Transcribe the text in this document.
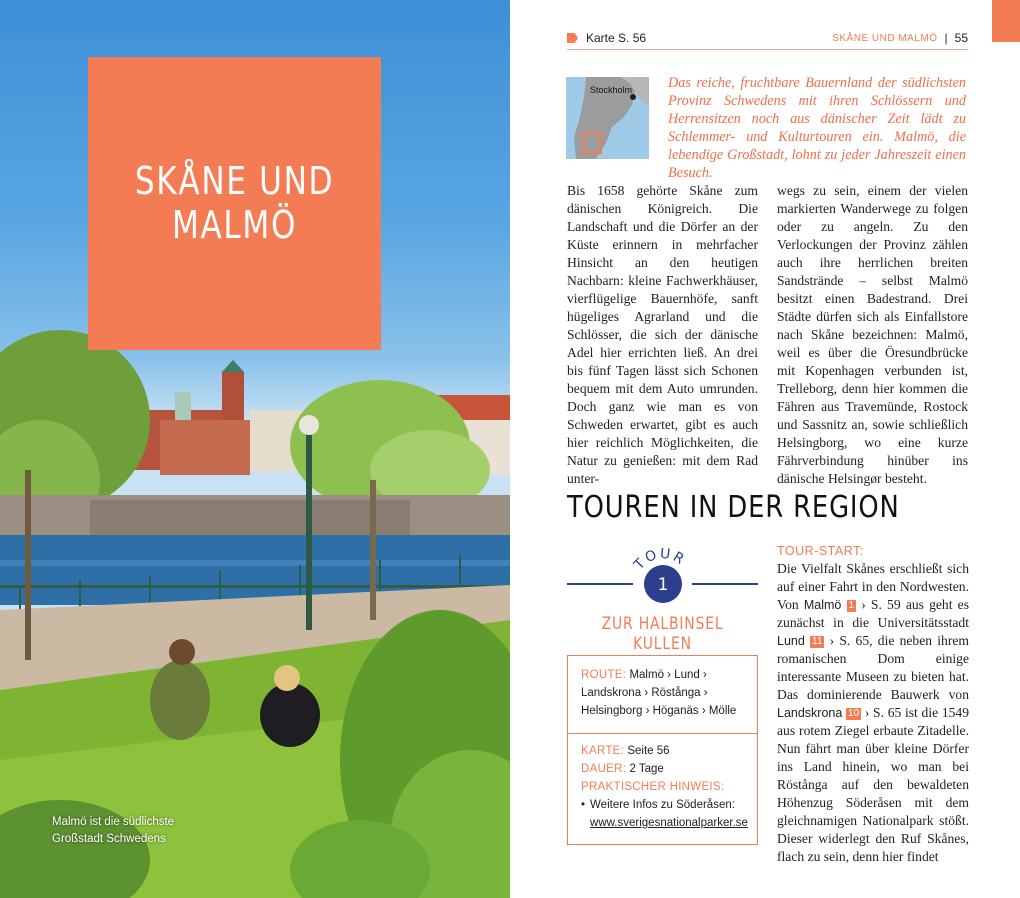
SKÅNE UND
MALMÖ
Malmö ist die südlichste
Großstadt Schwedens
Karte S. 56	SKÅNE UND MALMÖ | 55
Stockholm	Das reiche, fruchtbare Bauernland der südlichsten Provinz Schwedens mit ihren Schlössern und Herrensitzen noch aus dänischer Zeit lädt zu Schlemmer- und Kulturtouren ein. Malmö, die lebendige Großstadt, lohnt zu jeder Jahreszeit einen Besuch.

Bis 1658 gehörte Skåne zum dänischen Königreich. Die Landschaft und die Dörfer an der Küste erinnern in mehrfacher Hinsicht an den heutigen Nachbarn: kleine Fachwerkhäuser, vierflügelige Bauernhöfe, sanft hügeliges Agrarland und die Schlösser, die sich der dänische Adel hier errichten ließ. An drei bis fünf Tagen lässt sich Schonen bequem mit dem Auto umrunden. Doch ganz wie man es von Schweden erwartet, gibt es auch hier reichlich Möglichkeiten, die Natur zu genießen: mit dem Rad unter-

wegs zu sein, einem der vielen markierten Wanderwege zu folgen oder zu angeln. Zu den Verlockungen der Provinz zählen auch ihre herrlichen breiten Sandstrände – selbst Malmö besitzt einen Badestrand. Drei Städte dürfen sich als Einfallstore nach Skåne bezeichnen: Malmö, weil es über die Öresundbrücke mit Kopenhagen verbunden ist, Trelleborg, denn hier kommen die Fähren aus Travemünde, Rostock und Sassnitz an, sowie schließlich Helsingborg, wo eine kurze Fährverbindung hinüber ins dänische Helsingør besteht.

TOUREN IN DER REGION
TOUR
1
ZUR HALBINSEL KULLEN
ROUTE: Malmö › Lund › Landskrona › Röstånga › Helsingborg › Höganäs › Mölle
KARTE: Seite 56
DAUER: 2 Tage
PRAKTISCHER HINWEIS:
• Weitere Infos zu Söderåsen:
www.sverigesnationalparker.se
TOUR-START:
Die Vielfalt Skånes erschließt sich auf einer Fahrt in den Nordwesten. Von Malmö 1 › S. 59 aus geht es zunächst in die Universitätsstadt Lund 11 › S. 65, die neben ihrem romanischen Dom einige interessante Museen zu bieten hat. Das dominierende Bauwerk von Landskrona 10 › S. 65 ist die 1549 aus rotem Ziegel erbaute Zitadelle. Nun fährt man über kleine Dörfer ins Land hinein, wo man bei Röstånga auf den bewaldeten Höhenzug Söderåsen mit dem gleichnamigen Nationalpark stößt. Dieser widerlegt den Ruf Skånes, flach zu sein, denn hier findet
